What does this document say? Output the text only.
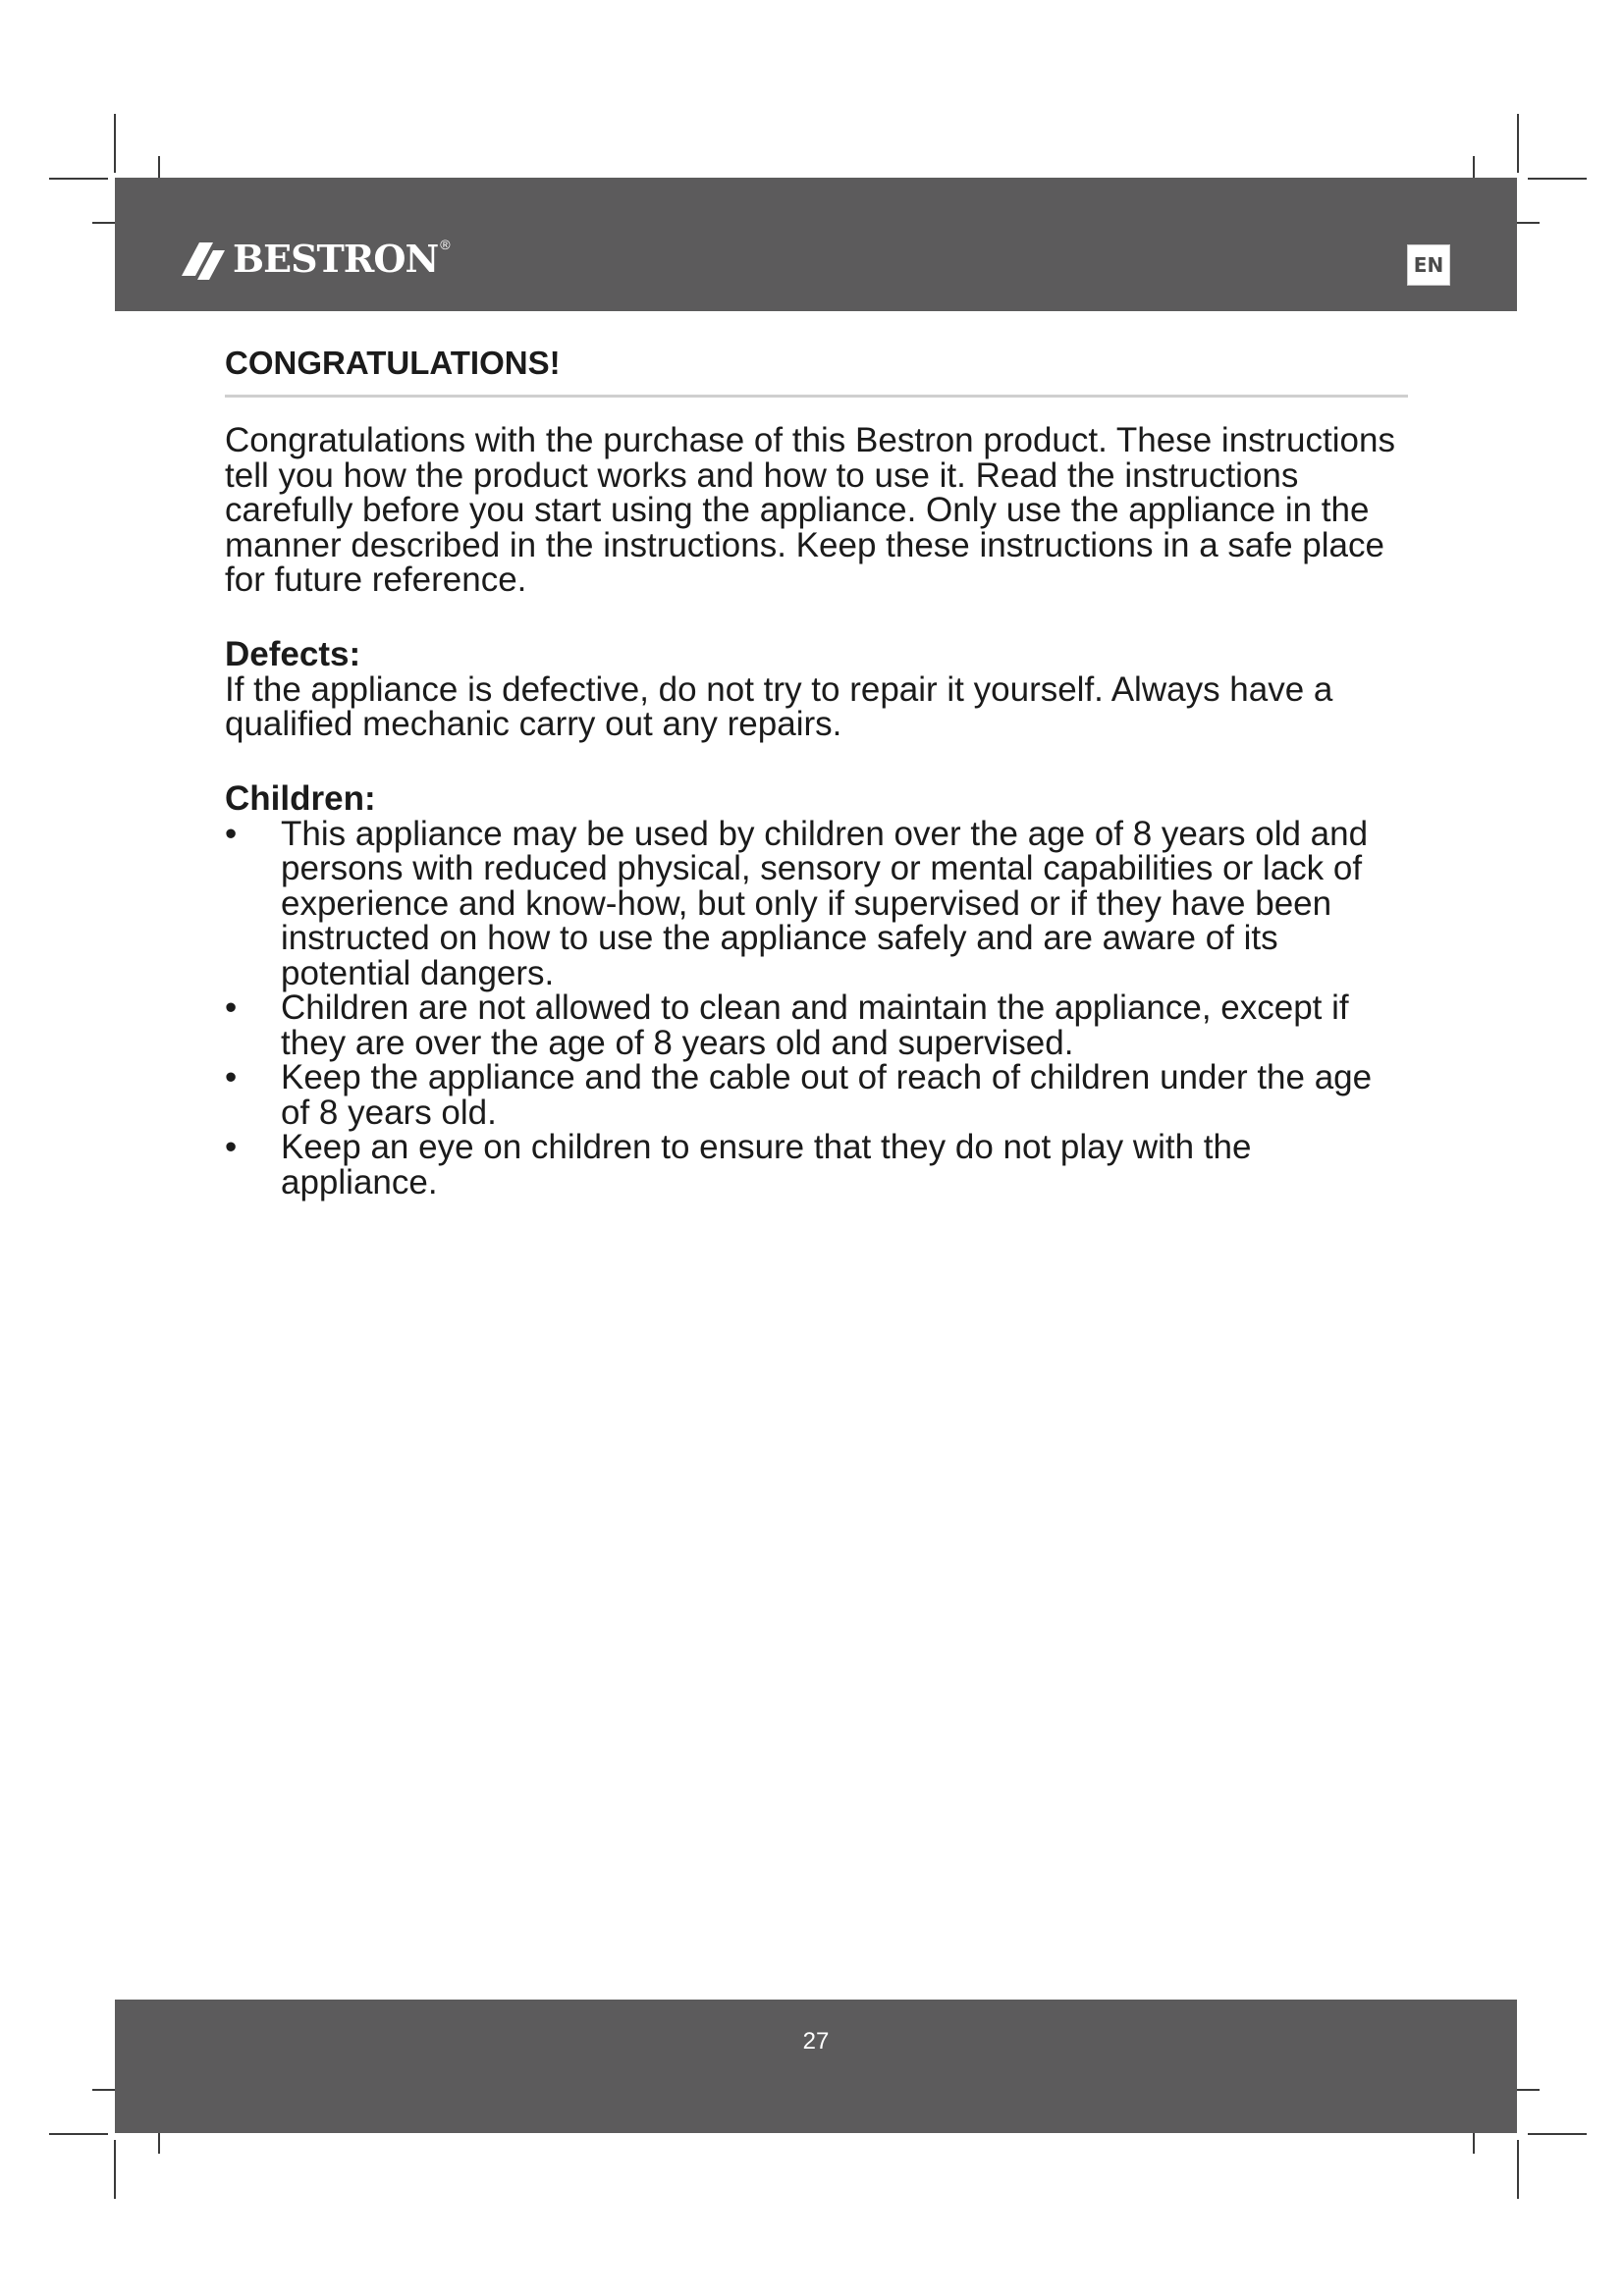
BESTRON ®
EN
CONGRATULATIONS!

Congratulations with the purchase of this Bestron product. These instructions tell you how the product works and how to use it. Read the instructions carefully before you start using the appliance. Only use the appliance in the manner described in the instructions. Keep these instructions in a safe place for future reference.

Defects:

If the appliance is defective, do not try to repair it yourself. Always have a qualified mechanic carry out any repairs.

Children:
•	This appliance may be used by children over the age of 8 years old and persons with reduced physical, sensory or mental capabilities or lack of experience and know-how, but only if supervised or if they have been instructed on how to use the appliance safely and are aware of its potential dangers.
•	Children are not allowed to clean and maintain the appliance, except if they are over the age of 8 years old and supervised.
•	Keep the appliance and the cable out of reach of children under the age of 8 years old.
•	Keep an eye on children to ensure that they do not play with the appliance.
27
